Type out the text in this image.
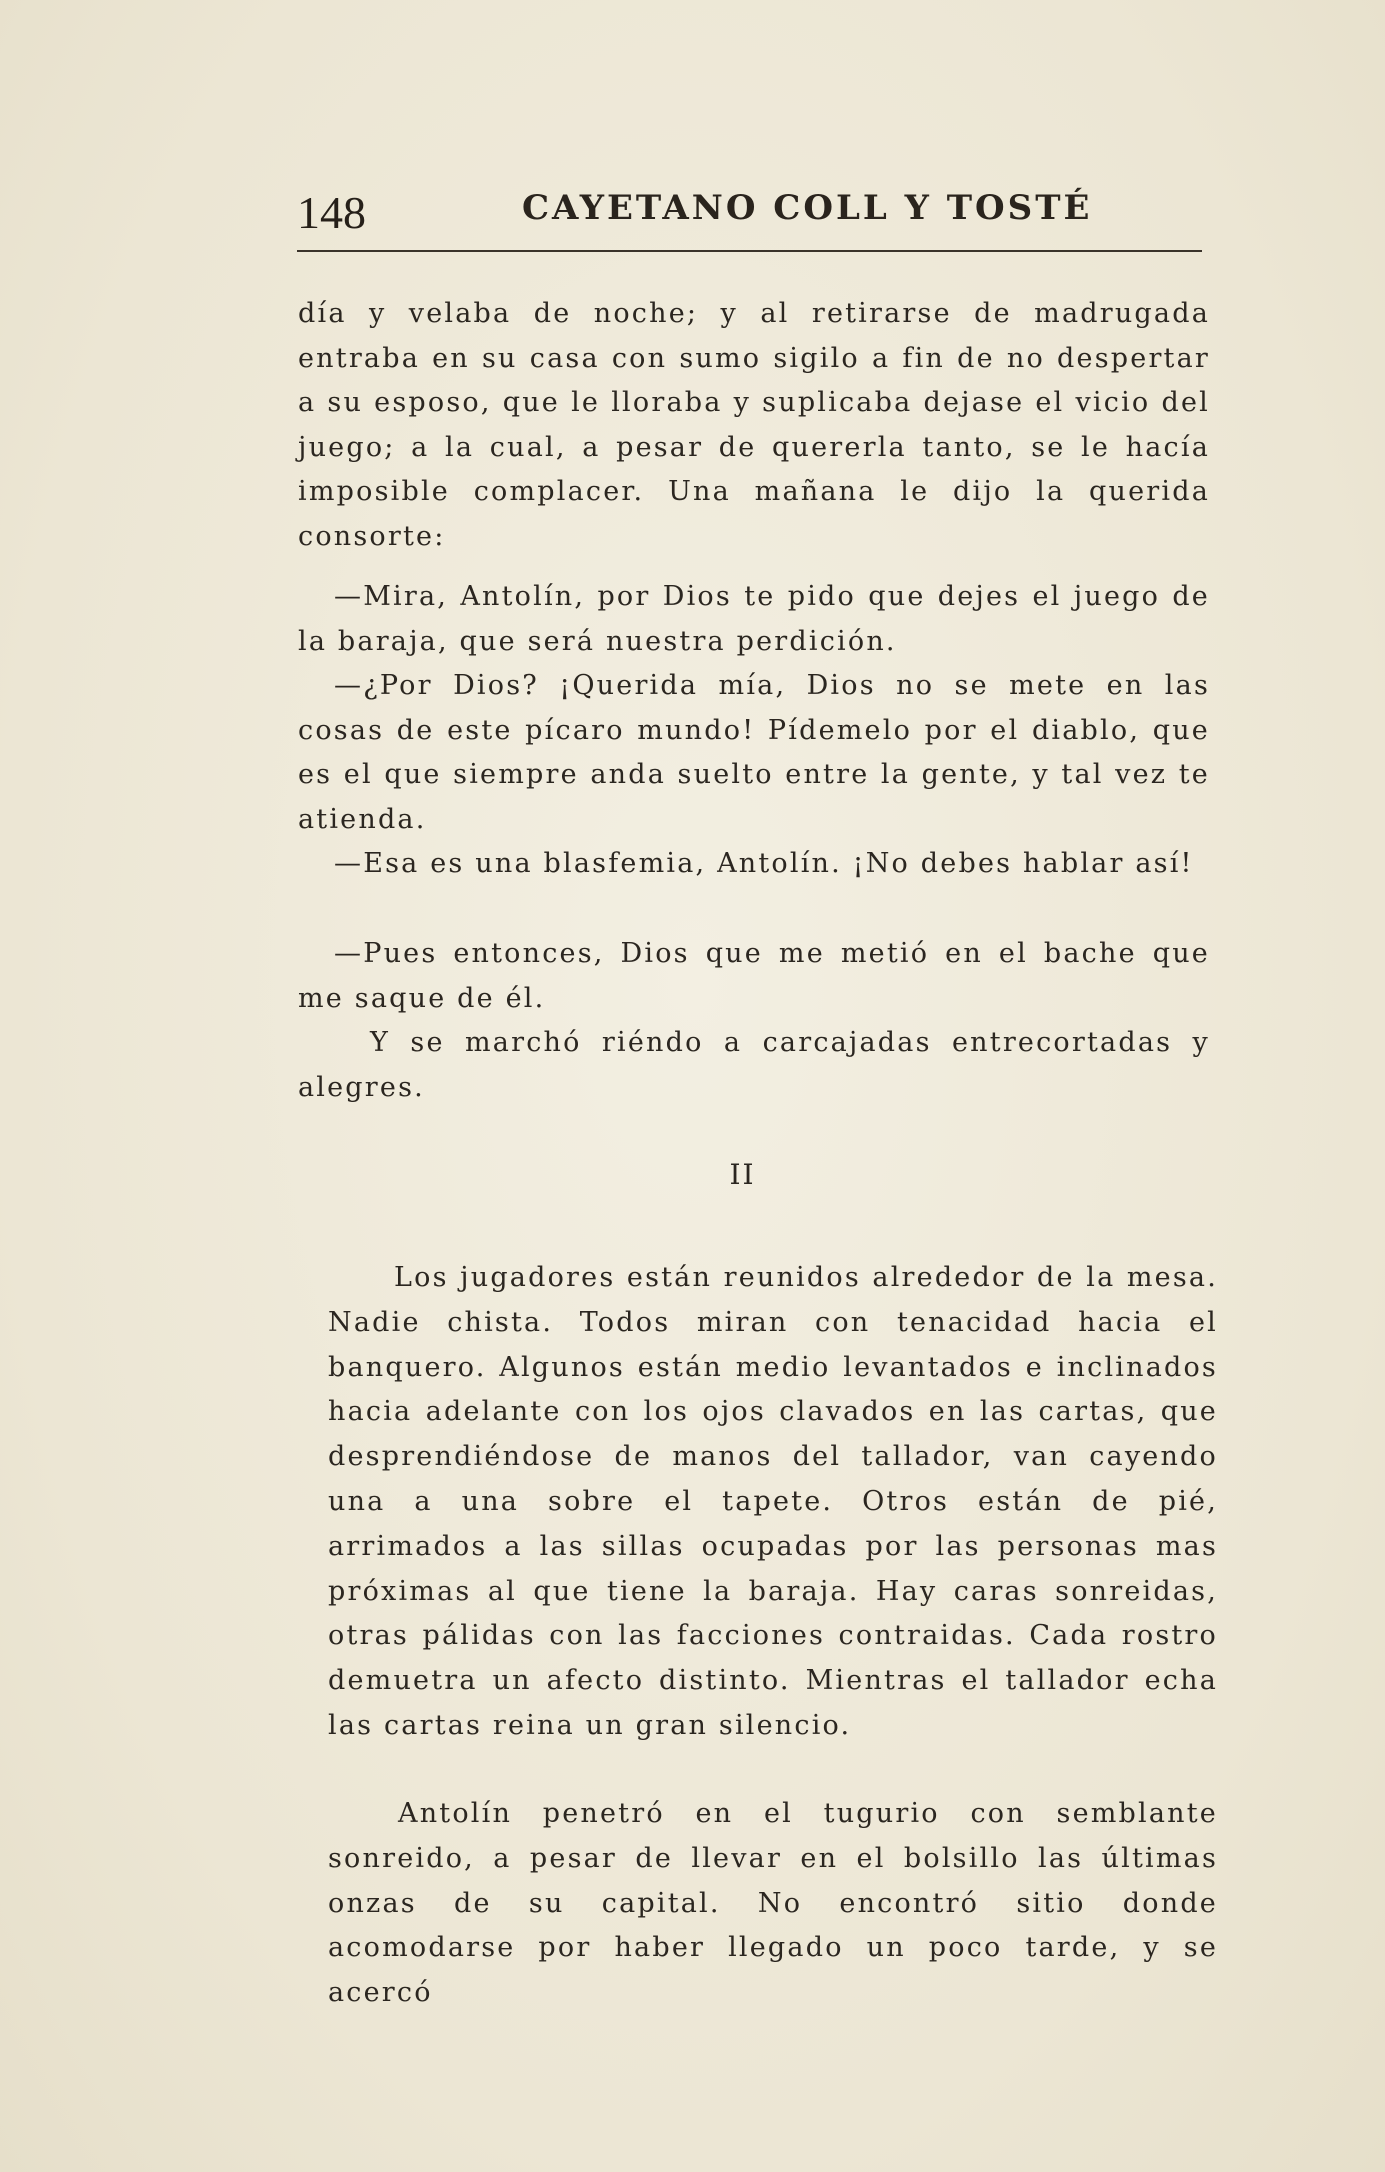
148	CAYETANO COLL Y TOSTÉ

día y velaba de noche; y al retirarse de madrugada entraba en su casa con sumo sigilo a fin de no despertar a su esposo, que le lloraba y suplicaba dejase el vicio del juego; a la cual, a pesar de quererla tanto, se le hacía imposible complacer. Una mañana le dijo la querida consorte:

—Mira, Antolín, por Dios te pido que dejes el juego de la baraja, que será nuestra perdición.

—¿Por Dios? ¡Querida mía, Dios no se mete en las cosas de este pícaro mundo! Pídemelo por el diablo, que es el que siempre anda suelto entre la gente, y tal vez te atienda.

—Esa es una blasfemia, Antolín. ¡No debes hablar así!

—Pues entonces, Dios que me metió en el bache que me saque de él.

Y se marchó riéndo a carcajadas entrecortadas y alegres.

II

Los jugadores están reunidos alrededor de la mesa. Nadie chista. Todos miran con tenacidad hacia el banquero. Algunos están medio levantados e inclinados hacia adelante con los ojos clavados en las cartas, que desprendiéndose de manos del tallador, van cayendo una a una sobre el tapete. Otros están de pié, arrimados a las sillas ocupadas por las personas mas próximas al que tiene la baraja. Hay caras sonreidas, otras pálidas con las facciones contraidas. Cada rostro demuetra un afecto distinto. Mientras el tallador echa las cartas reina un gran silencio.

Antolín penetró en el tugurio con semblante sonreido, a pesar de llevar en el bolsillo las últimas onzas de su capital. No encontró sitio donde acomodarse por haber llegado un poco tarde, y se acercó
